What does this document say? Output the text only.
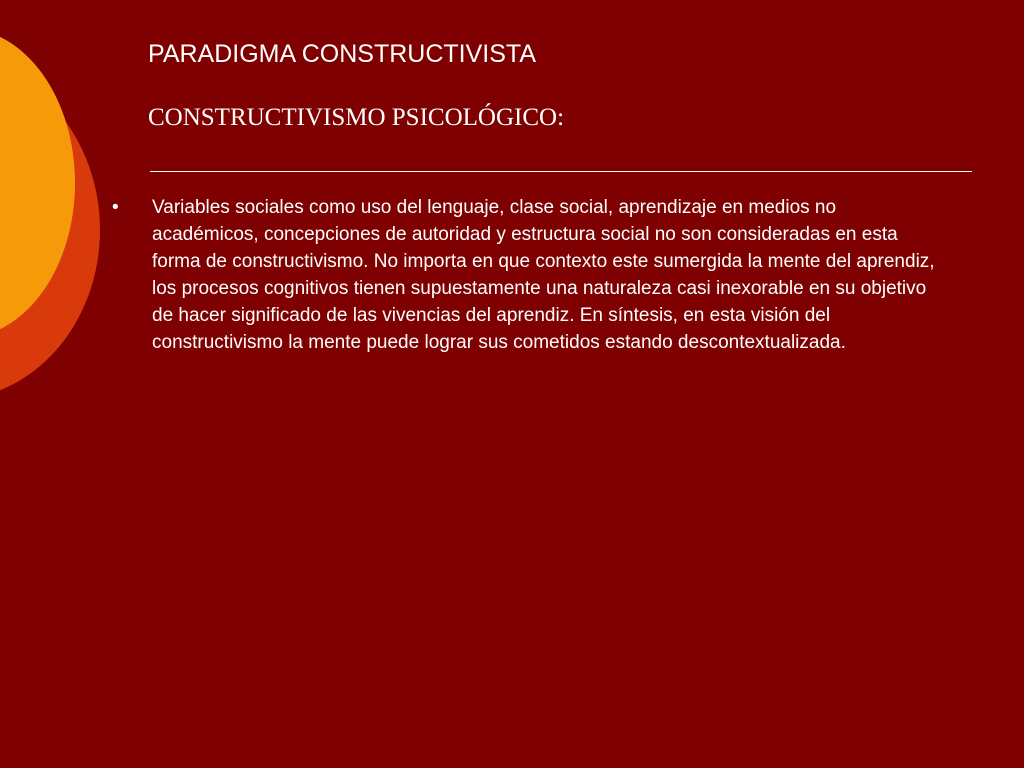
PARADIGMA CONSTRUCTIVISTA
CONSTRUCTIVISMO PSICOLÓGICO:
• Variables sociales como uso del lenguaje, clase social, aprendizaje en medios no académicos, concepciones de autoridad y estructura social no son consideradas en esta forma de constructivismo. No importa en que contexto este sumergida la mente del aprendiz, los procesos cognitivos tienen supuestamente una naturaleza casi inexorable en su objetivo de hacer significado de las vivencias del aprendiz. En síntesis, en esta visión del constructivismo la mente puede lograr sus cometidos estando descontextualizada.
